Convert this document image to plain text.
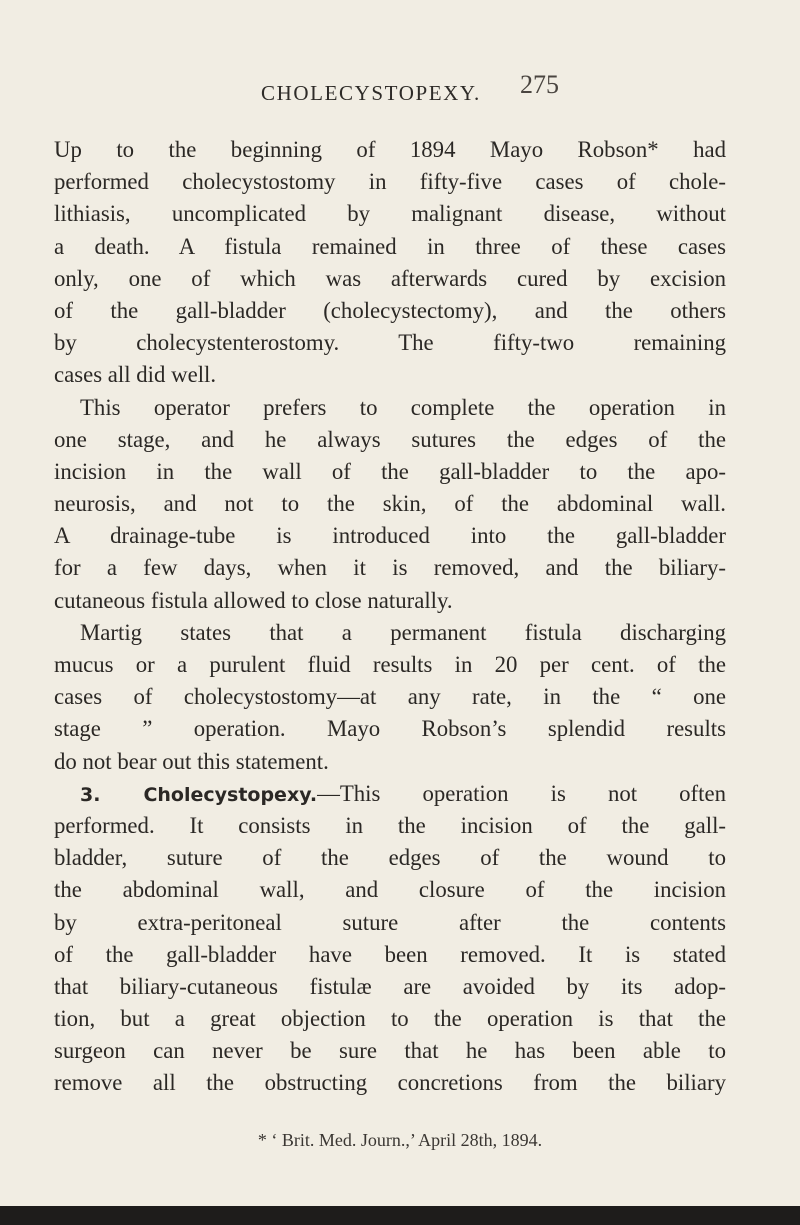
CHOLECYSTOPEXY. 275
Up to the beginning of 1894 Mayo Robson* had
performed cholecystostomy in fifty-five cases of chole-
lithiasis, uncomplicated by malignant disease, without
a death. A fistula remained in three of these cases
only, one of which was afterwards cured by excision
of the gall-bladder (cholecystectomy), and the others
by cholecystenterostomy. The fifty-two remaining
cases all did well.
This operator prefers to complete the operation in
one stage, and he always sutures the edges of the
incision in the wall of the gall-bladder to the apo-
neurosis, and not to the skin, of the abdominal wall.
A drainage-tube is introduced into the gall-bladder
for a few days, when it is removed, and the biliary-
cutaneous fistula allowed to close naturally.
Martig states that a permanent fistula discharging
mucus or a purulent fluid results in 20 per cent. of the
cases of cholecystostomy—at any rate, in the “ one
stage ” operation. Mayo Robson’s splendid results
do not bear out this statement.
3. Cholecystopexy.—This operation is not often
performed. It consists in the incision of the gall-
bladder, suture of the edges of the wound to
the abdominal wall, and closure of the incision
by extra-peritoneal suture after the contents
of the gall-bladder have been removed. It is stated
that biliary-cutaneous fistulæ are avoided by its adop-
tion, but a great objection to the operation is that the
surgeon can never be sure that he has been able to
remove all the obstructing concretions from the biliary
* ‘ Brit. Med. Journ.,’ April 28th, 1894.
